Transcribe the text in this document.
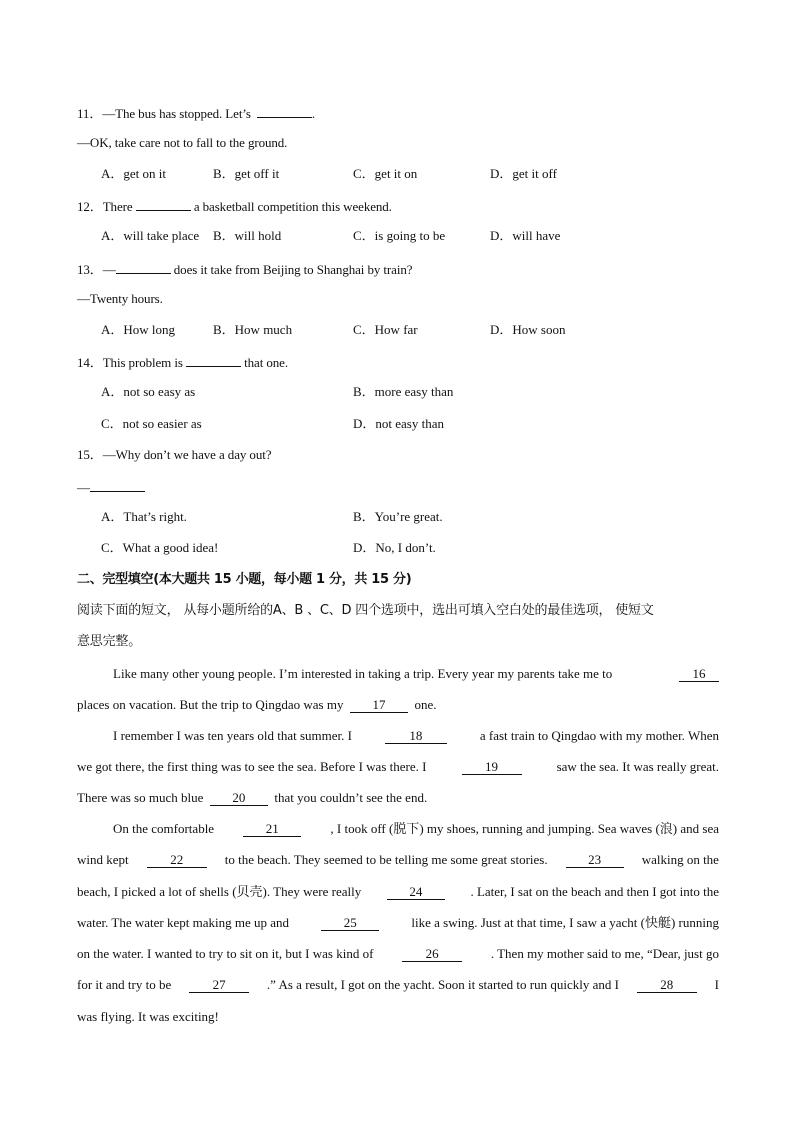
11．—The bus has stopped. Let’s	.
—OK, take care not to fall to the ground.
A．get on it	B．get off it	C．get it on	D．get it off
12．There	a basketball competition this weekend.
A．will take place B．will hold	C．is going to be	D．will have
13．—	does it take from Beijing to Shanghai by train?
—Twenty hours.
A．How long	B．How much	C．How far	D．How soon
14．This problem is	that one.
A．not so easy as	B．more easy than
C．not so easier as	D．not easy than
15．—Why don’t we have a day out?
—
A．That’s right.	B．You’re great.
C．What a good idea!	D．No, I don’t.
二、完型填空(本大题共 15 小题，每小题 1 分，共 15 分)
阅读下面的短文， 从每小题所给的A、B 、C、D 四个选项中，选出可填入空白处的最佳选项， 使短文
意思完整。
Like many other young people. I’m interested in taking a trip. Every year my parents take me to	16
places on vacation. But the trip to Qingdao was my 17 one.
I remember I was ten years old that summer. I	18	a fast train to Qingdao with my mother. When
we got there, the first thing was to see the sea. Before I was there. I	19	saw the sea. It was really great.
There was so much blue 20 that you couldn’t see the end.
On the comfortable	21	, I took off (脱下) my shoes, running and jumping. Sea waves (浪) and sea
wind kept	22	to the beach. They seemed to be telling me some great stories.	23	walking on the
beach, I picked a lot of shells (贝壳). They were really	24	. Later, I sat on the beach and then I got into the
water. The water kept making me up and	25	like a swing. Just at that time, I saw a yacht (快艇) running
on the water. I wanted to try to sit on it, but I was kind of	26	. Then my mother said to me, “Dear, just go
for it and try to be	27	.” As a result, I got on the yacht. Soon it started to run quickly and I	28	I
was flying. It was exciting!
